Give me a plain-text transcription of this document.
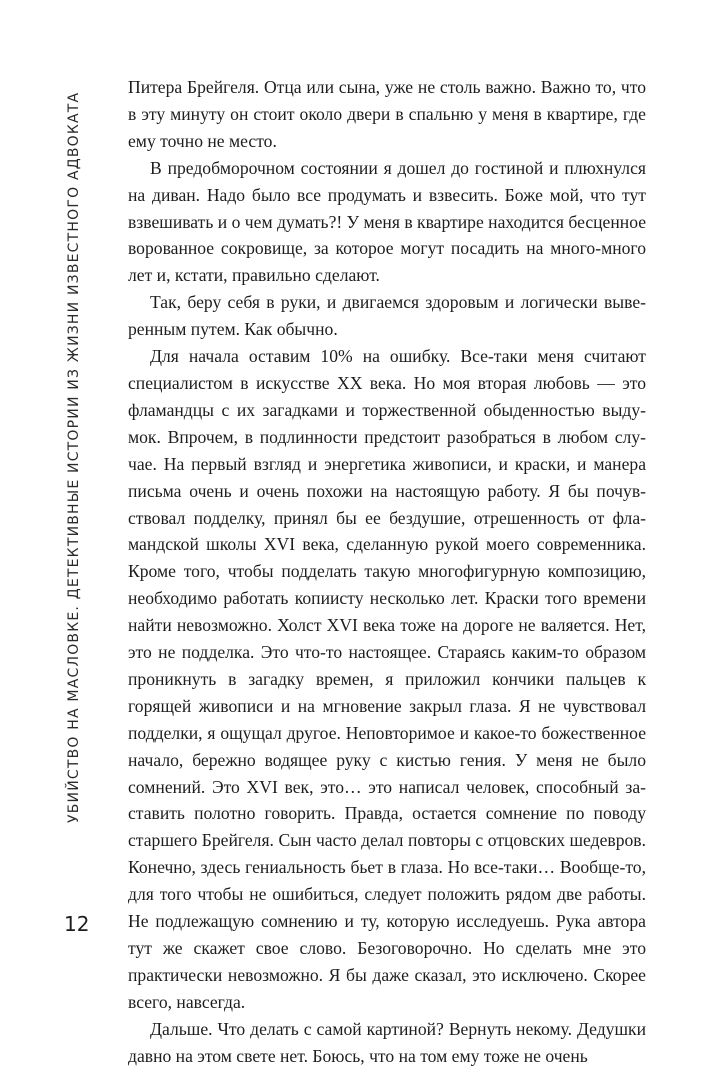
УБИЙСТВО НА МАСЛОВКЕ. ДЕТЕКТИВНЫЕ ИСТОРИИ ИЗ ЖИЗНИ ИЗВЕСТНОГО АДВОКАТА

Питера Брейгеля. Отца или сына, уже не столь важно. Важно то, что в эту минуту он стоит около двери в спальню у меня в квартире, где ему точно не место.

В предобморочном состоянии я дошел до гостиной и плюхнулся на диван. Надо было все продумать и взвесить. Боже мой, что тут взвешивать и о чем думать?! У меня в квартире находится бесценное ворованное сокровище, за которое могут посадить на много-много лет и, кстати, правильно сделают.

Так, беру себя в руки, и двигаемся здоровым и логически выверенным путем. Как обычно.

Для начала оставим 10% на ошибку. Все-таки меня считают специалистом в искусстве XX века. Но моя вторая любовь — это фламандцы с их загадками и торжественной обыденностью выдумок. Впрочем, в подлинности предстоит разобраться в любом случае. На первый взгляд и энергетика живописи, и краски, и манера письма очень и очень похожи на настоящую работу. Я бы почувствовал подделку, принял бы ее бездушие, отрешенность от фламандской школы XVI века, сделанную рукой моего современника. Кроме того, чтобы подделать такую многофигурную композицию, необходимо работать копиисту несколько лет. Краски того времени найти невозможно. Холст XVI века тоже на дороге не валяется. Нет, это не подделка. Это что-то настоящее. Стараясь каким-то образом проникнуть в загадку времен, я приложил кончики пальцев к горящей живописи и на мгновение закрыл глаза. Я не чувствовал подделки, я ощущал другое. Неповторимое и какое-то божественное начало, бережно водящее руку с кистью гения. У меня не было сомнений. Это XVI век, это… это написал человек, способный заставить полотно говорить. Правда, остается сомнение по поводу старшего Брейгеля. Сын часто делал повторы с отцовских шедевров. Конечно, здесь гениальность бьет в глаза. Но все-таки… Вообще-то, для того чтобы не ошибиться, следует положить рядом две работы. Не подлежащую сомнению и ту, которую исследуешь. Рука автора тут же скажет свое слово. Безоговорочно. Но сделать мне это практически невозможно. Я бы даже сказал, это исключено. Скорее всего, навсегда.

Дальше. Что делать с самой картиной? Вернуть некому. Дедушки давно на этом свете нет. Боюсь, что на том ему тоже не очень

12
